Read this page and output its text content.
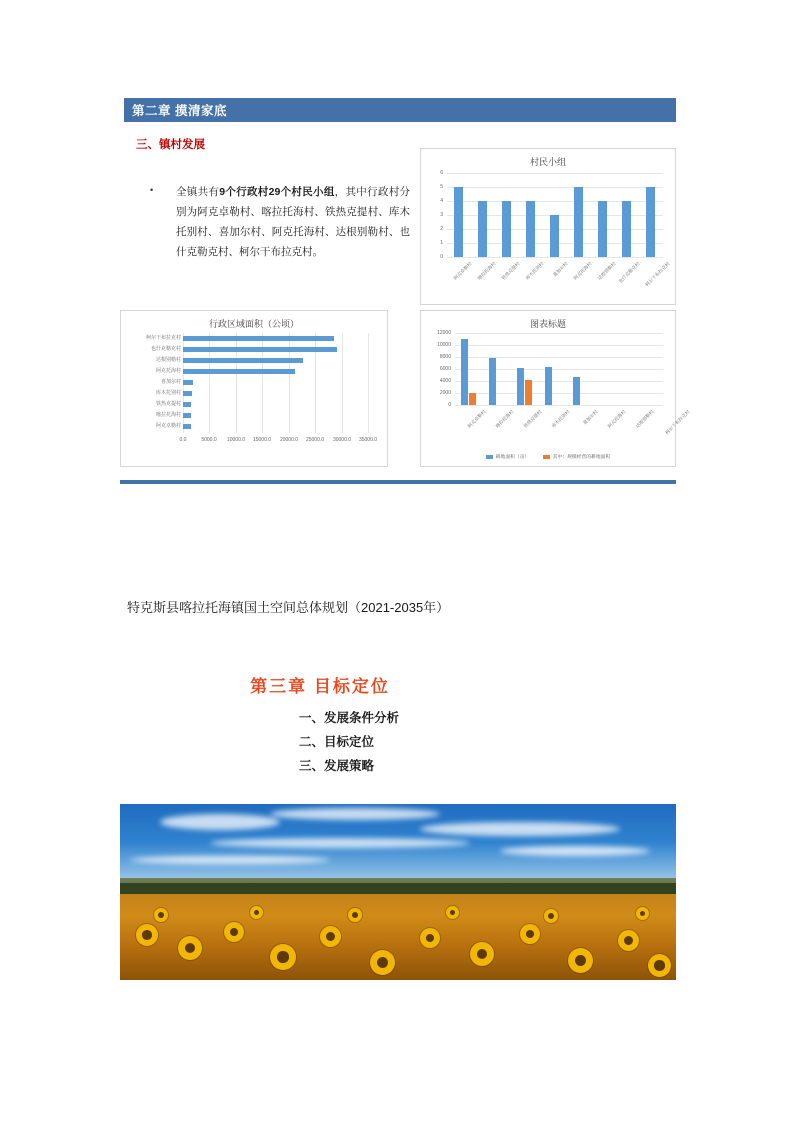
第二章 摸清家底
三、镇村发展
• 全镇共有9个行政村29个村民小组，其中行政村分别为阿克卓勒村、喀拉托海村、铁热克提村、库木托别村、喜加尔村、阿克托海村、达根别勒村、也什克勒克村、柯尔干布拉克村。
村民小组
0
1
2
3
4
5
6
阿克卓勒村 喀拉托海村 铁热克提村 库木托别村	喜加尔村 阿克托海村 达根别勒村 也什克勒克村 柯尔干布拉克村
行政区域面积（公顷）
柯尔干布拉克村
也什克勒克村
达根别勒村
阿克托海村
喜加尔村
库木托别村
铁热克提村
喀拉托海村
阿克卓勒村
0.0	5000.0	10000.0	15000.0	20000.0	25000.0	30000.0	35000.0
图表标题
0
2000
4000
6000
8000
10000
12000
阿克卓勒村	喀拉托海村	铁热克提村	库木托别村	喜加尔村	阿克托海村	达根别勒村	柯尔干布拉克村
耕地面积（亩）	其中：规模经营的耕地面积
特克斯县喀拉托海镇国土空间总体规划（2021-2035年）
第三章 目标定位
一、发展条件分析
二、目标定位
三、发展策略
